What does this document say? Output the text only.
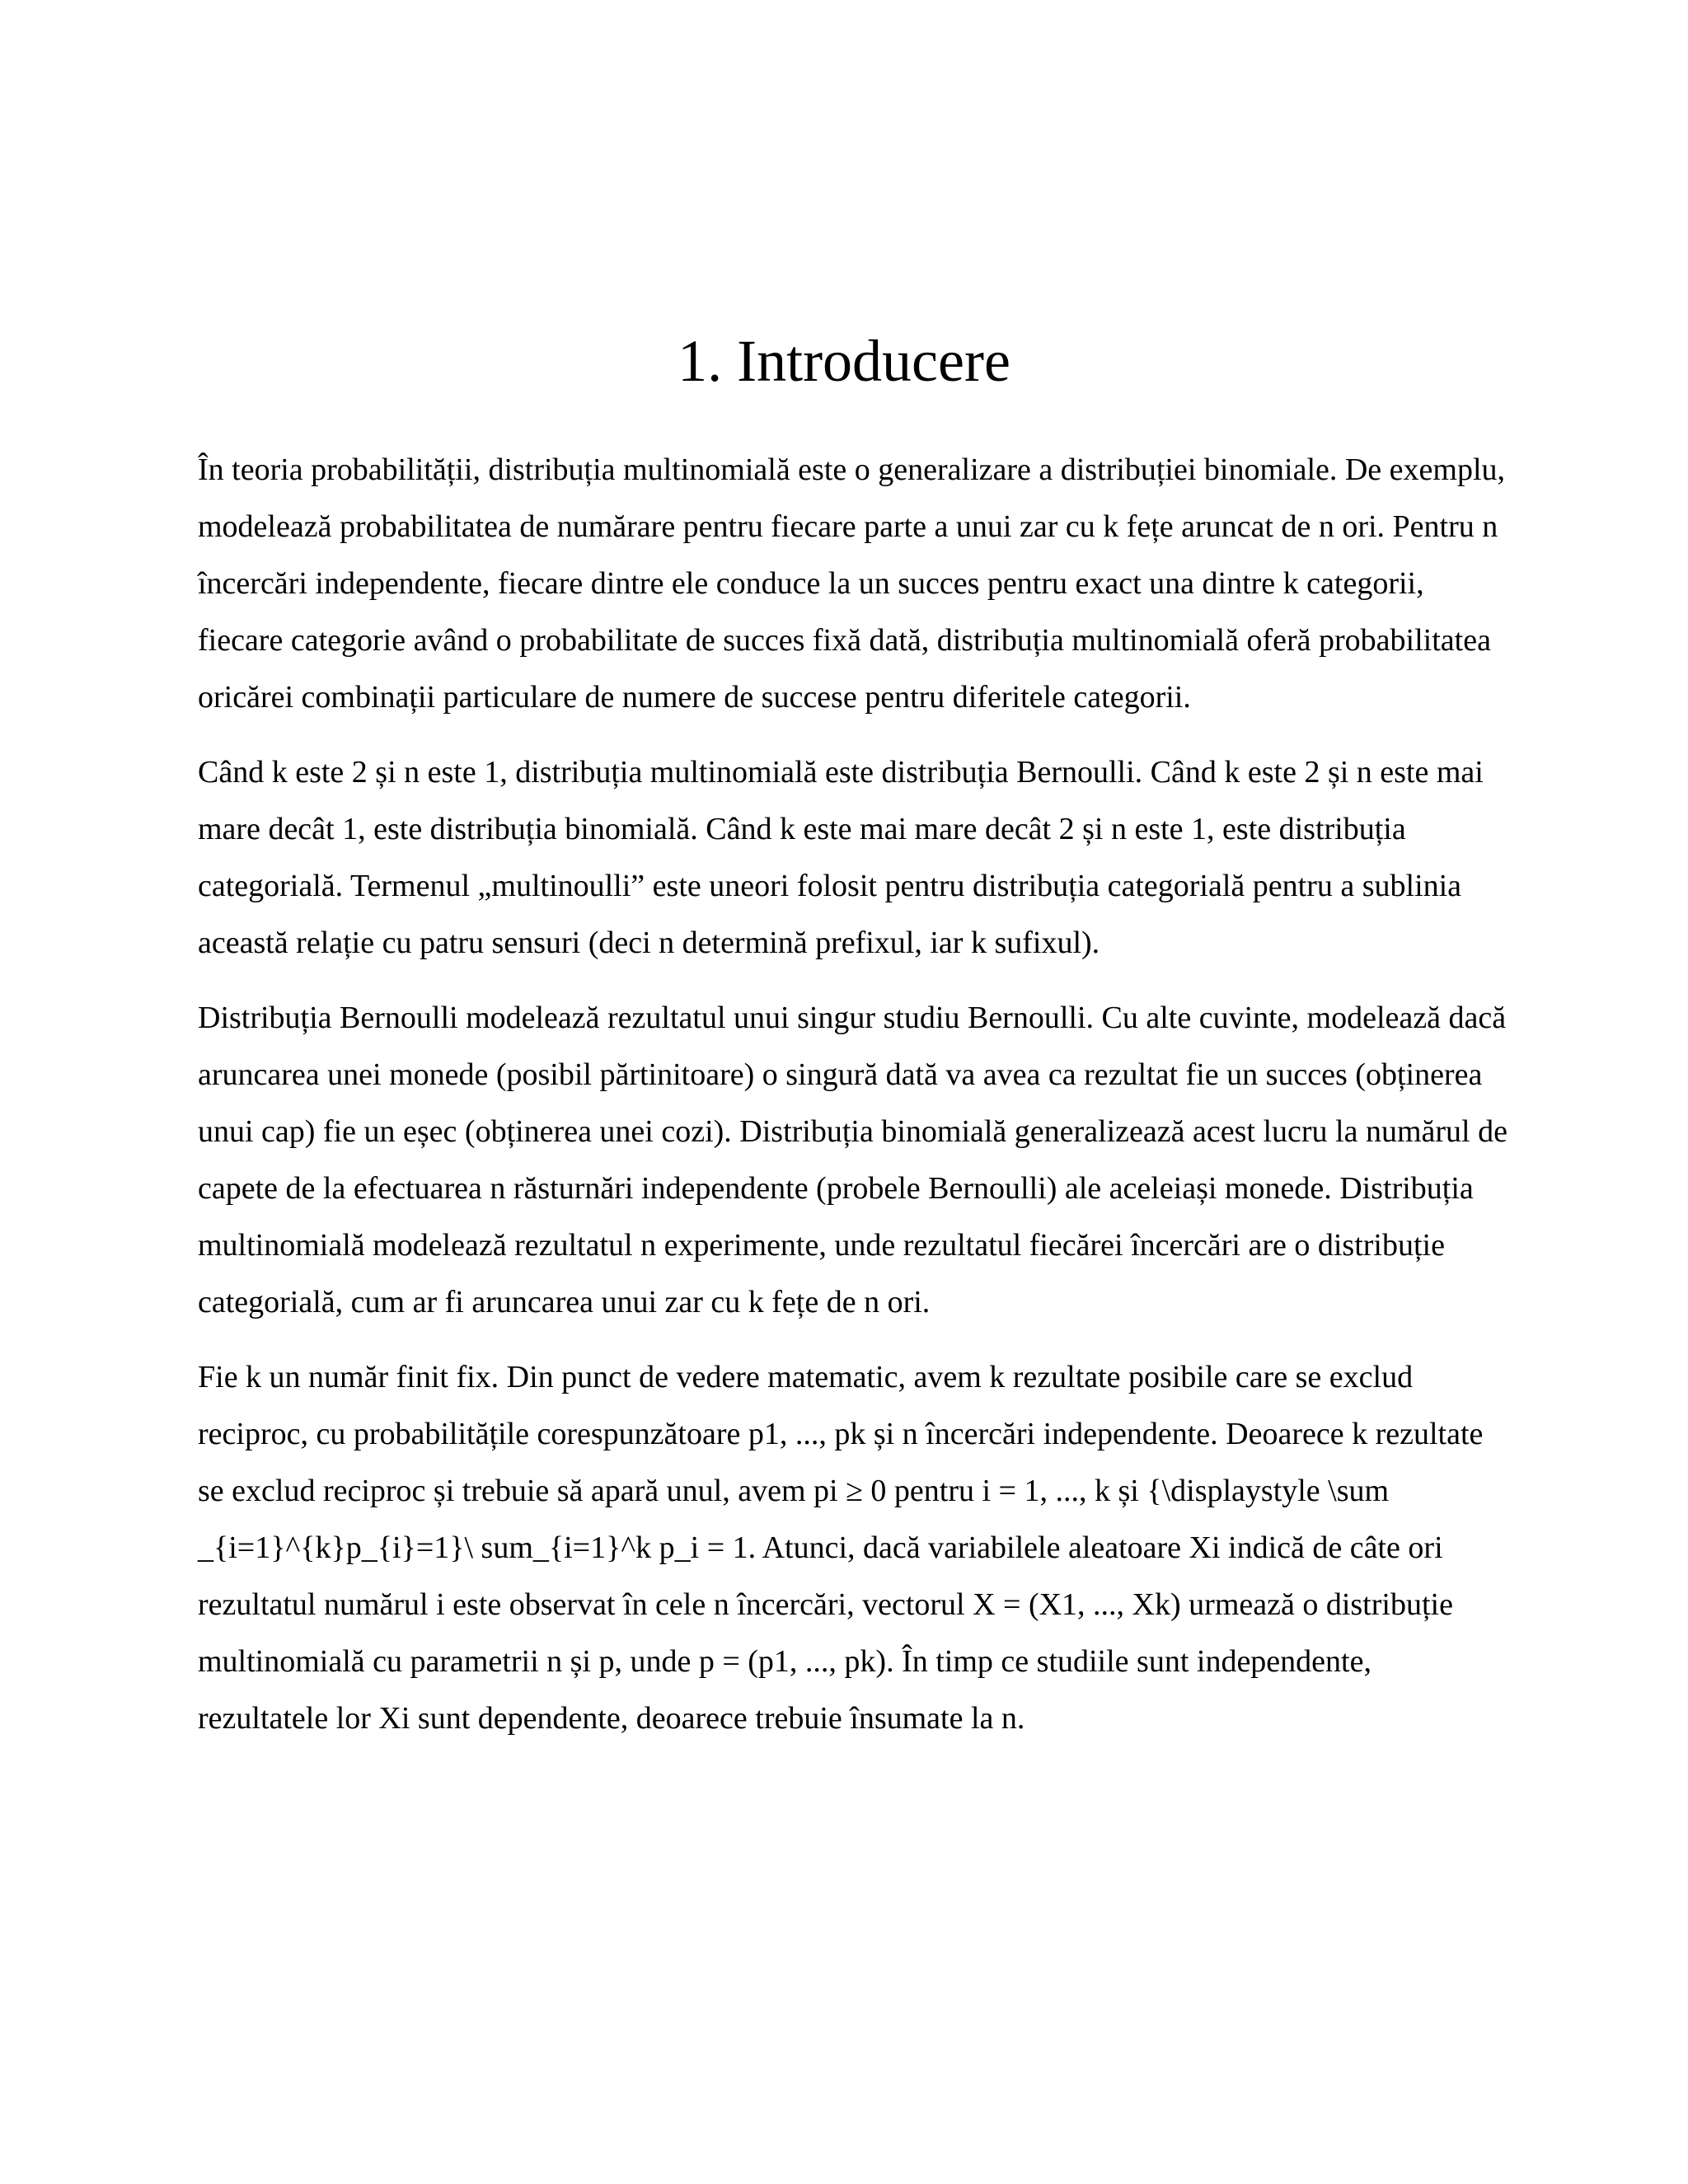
1. Introducere

În teoria probabilității, distribuția multinomială este o generalizare a distribuției binomiale. De exemplu, modelează probabilitatea de numărare pentru fiecare parte a unui zar cu k fețe aruncat de n ori. Pentru n încercări independente, fiecare dintre ele conduce la un succes pentru exact una dintre k categorii, fiecare categorie având o probabilitate de succes fixă dată, distribuția multinomială oferă probabilitatea oricărei combinații particulare de numere de succese pentru diferitele categorii.

Când k este 2 și n este 1, distribuția multinomială este distribuția Bernoulli. Când k este 2 și n este mai mare decât 1, este distribuția binomială. Când k este mai mare decât 2 și n este 1, este distribuția categorială. Termenul „multinoulli” este uneori folosit pentru distribuția categorială pentru a sublinia această relație cu patru sensuri (deci n determină prefixul, iar k sufixul).

Distribuția Bernoulli modelează rezultatul unui singur studiu Bernoulli. Cu alte cuvinte, modelează dacă aruncarea unei monede (posibil părtinitoare) o singură dată va avea ca rezultat fie un succes (obținerea unui cap) fie un eșec (obținerea unei cozi). Distribuția binomială generalizează acest lucru la numărul de capete de la efectuarea n răsturnări independente (probele Bernoulli) ale aceleiași monede. Distribuția multinomială modelează rezultatul n experimente, unde rezultatul fiecărei încercări are o distribuție categorială, cum ar fi aruncarea unui zar cu k fețe de n ori.

Fie k un număr finit fix. Din punct de vedere matematic, avem k rezultate posibile care se exclud reciproc, cu probabilitățile corespunzătoare p1, ..., pk și n încercări independente. Deoarece k rezultate se exclud reciproc și trebuie să apară unul, avem pi ≥ 0 pentru i = 1, ..., k și {\displaystyle \sum _{i=1}^{k}p_{i}=1}\ sum_{i=1}^k p_i = 1. Atunci, dacă variabilele aleatoare Xi indică de câte ori rezultatul numărul i este observat în cele n încercări, vectorul X = (X1, ..., Xk) urmează o distribuție multinomială cu parametrii n și p, unde p = (p1, ..., pk). În timp ce studiile sunt independente, rezultatele lor Xi sunt dependente, deoarece trebuie însumate la n.
